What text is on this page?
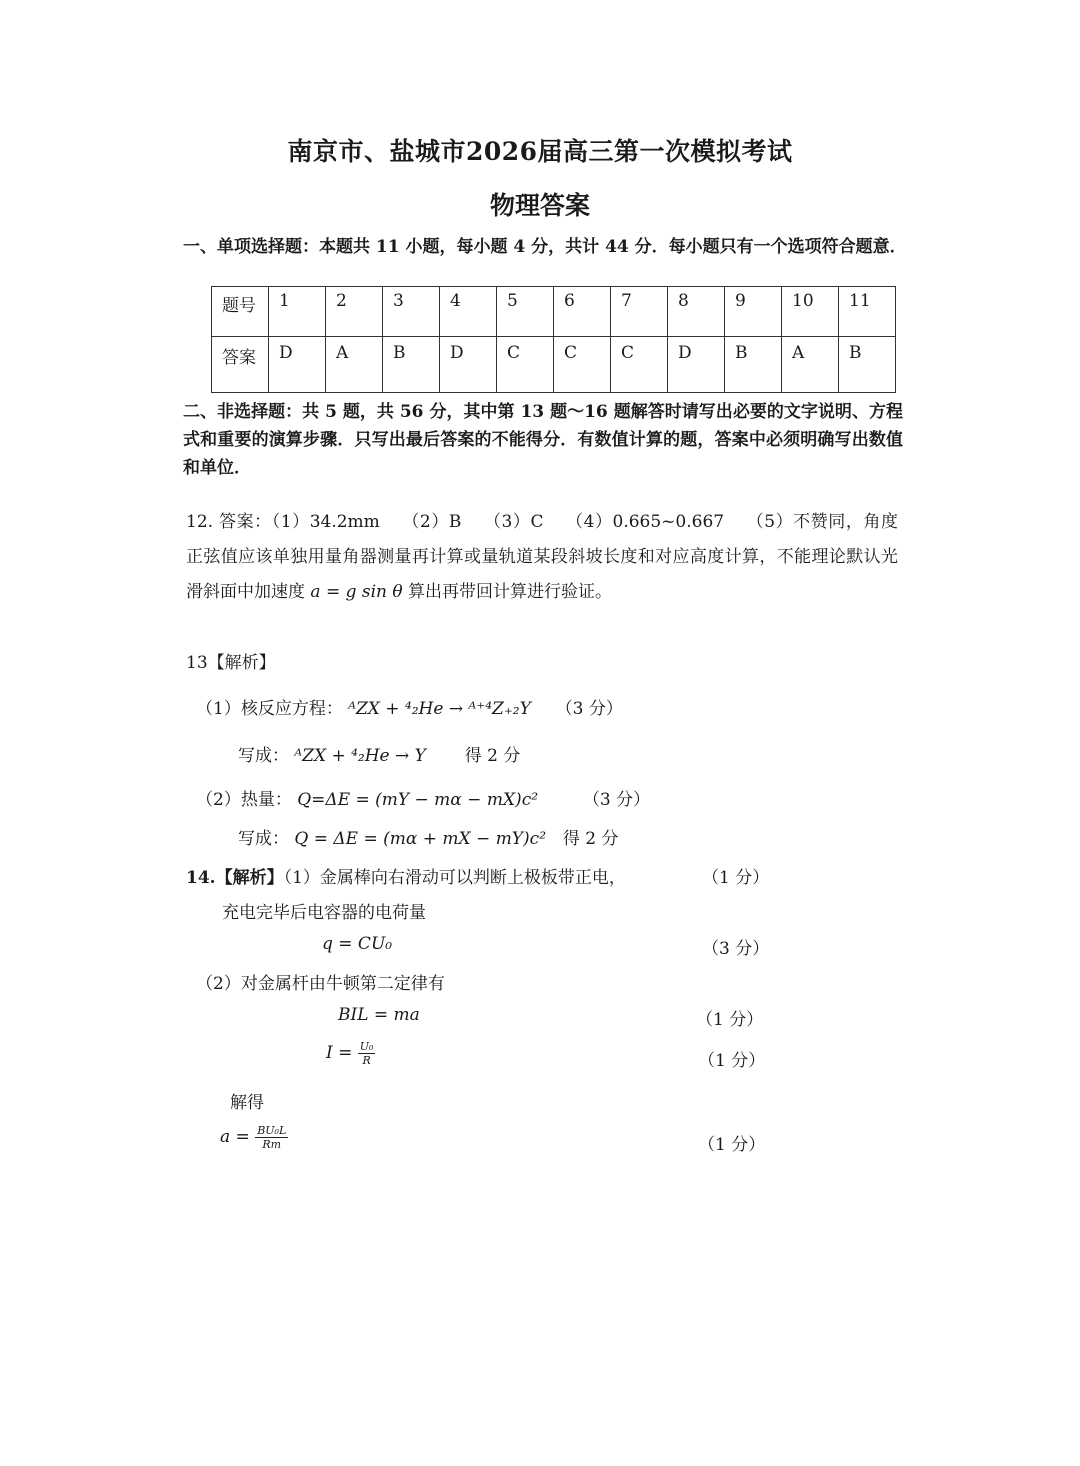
南京市、盐城市2026届高三第一次模拟考试
物理答案
一、单项选择题：本题共 11 小题，每小题 4 分，共计 44 分．每小题只有一个选项符合题意．
题号	1	2	3	4	5	6	7	8	9	10	11
答案	D	A	B	D	C	C	C	D	B	A	B
二、非选择题：共 5 题，共 56 分，其中第 13 题～16 题解答时请写出必要的文字说明、方程式和重要的演算步骤．只写出最后答案的不能得分．有数值计算的题，答案中必须明确写出数值和单位．
12. 答案：（1）34.2mm （2）B （3）C （4）0.665~0.667 （5）不赞同，角度正弦值应该单独用量角器测量再计算或量轨道某段斜坡长度和对应高度计算，不能理论默认光滑斜面中加速度 a = g sin θ 算出再带回计算进行验证。
13【解析】
（1）核反应方程： ᴬZX + ⁴₂He → ᴬ⁺⁴Z₊₂Y （3 分）
写成： ᴬZX + ⁴₂He → Y 得 2 分
（2）热量： Q=ΔE = (mY − mα − mX)c²	（3 分）
写成： Q = ΔE = (mα + mX − mY)c² 得 2 分
14.【解析】（1）金属棒向右滑动可以判断上极板带正电，	（1 分）
充电完毕后电容器的电荷量
q = CU₀	（3 分）
（2）对金属杆由牛顿第二定律有
BIL = ma	（1 分）
$I = \frac{\text{U₀}}{R}$	（1 分）
解得
$a = \frac{\text{BU₀L}}{Rm}$	（1 分）
